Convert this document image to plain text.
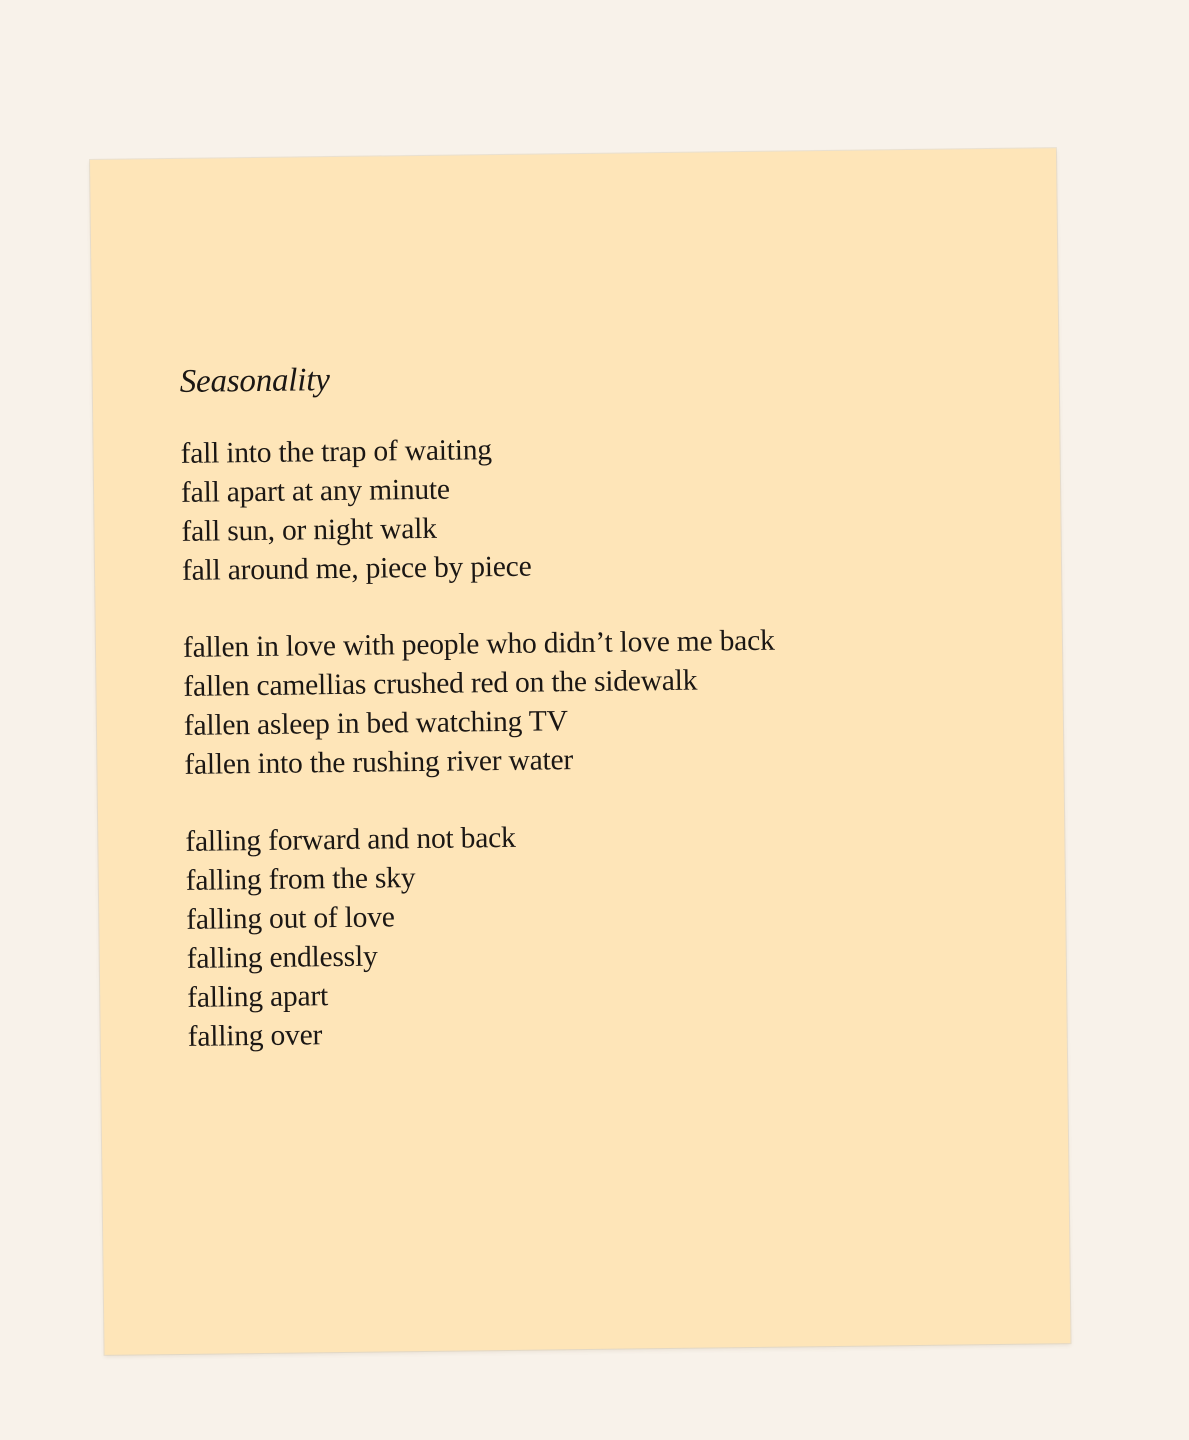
Seasonality
fall into the trap of waiting
fall apart at any minute
fall sun, or night walk
fall around me, piece by piece
fallen in love with people who didn’t love me back
fallen camellias crushed red on the sidewalk
fallen asleep in bed watching TV
fallen into the rushing river water
falling forward and not back
falling from the sky
falling out of love
falling endlessly
falling apart
falling over
